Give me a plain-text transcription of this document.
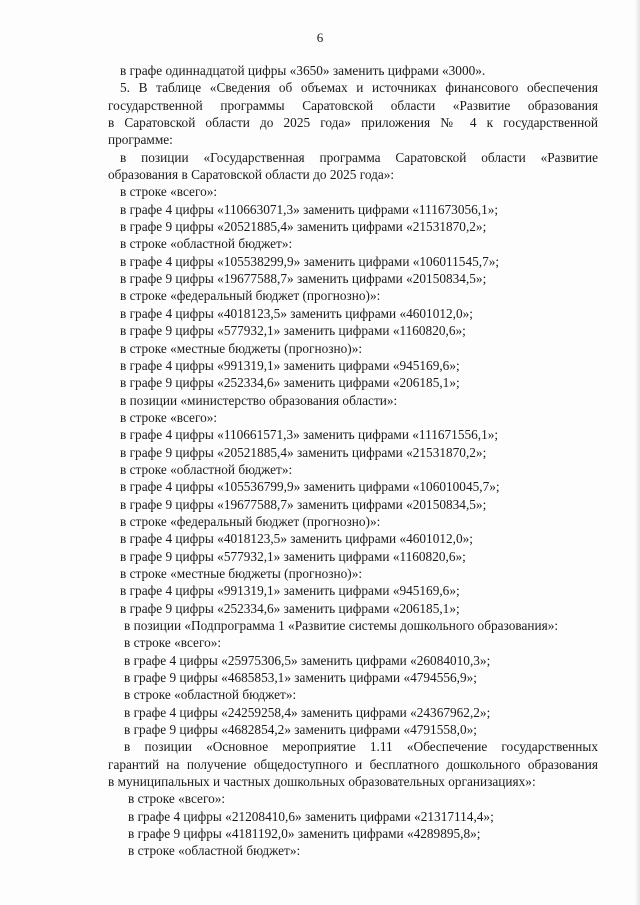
6
в графе одиннадцатой цифры «3650» заменить цифрами «3000».
5. В таблице «Сведения об объемах и источниках финансового обеспечения
государственной программы Саратовской области «Развитие образования
в Саратовской области до 2025 года» приложения № 4 к государственной
программе:
в позиции «Государственная программа Саратовской области «Развитие
образования в Саратовской области до 2025 года»:
в строке «всего»:
в графе 4 цифры «110663071,3» заменить цифрами «111673056,1»;
в графе 9 цифры «20521885,4» заменить цифрами «21531870,2»;
в строке «областной бюджет»:
в графе 4 цифры «105538299,9» заменить цифрами «106011545,7»;
в графе 9 цифры «19677588,7» заменить цифрами «20150834,5»;
в строке «федеральный бюджет (прогнозно)»:
в графе 4 цифры «4018123,5» заменить цифрами «4601012,0»;
в графе 9 цифры «577932,1» заменить цифрами «1160820,6»;
в строке «местные бюджеты (прогнозно)»:
в графе 4 цифры «991319,1» заменить цифрами «945169,6»;
в графе 9 цифры «252334,6» заменить цифрами «206185,1»;
в позиции «министерство образования области»:
в строке «всего»:
в графе 4 цифры «110661571,3» заменить цифрами «111671556,1»;
в графе 9 цифры «20521885,4» заменить цифрами «21531870,2»;
в строке «областной бюджет»:
в графе 4 цифры «105536799,9» заменить цифрами «106010045,7»;
в графе 9 цифры «19677588,7» заменить цифрами «20150834,5»;
в строке «федеральный бюджет (прогнозно)»:
в графе 4 цифры «4018123,5» заменить цифрами «4601012,0»;
в графе 9 цифры «577932,1» заменить цифрами «1160820,6»;
в строке «местные бюджеты (прогнозно)»:
в графе 4 цифры «991319,1» заменить цифрами «945169,6»;
в графе 9 цифры «252334,6» заменить цифрами «206185,1»;
в позиции «Подпрограмма 1 «Развитие системы дошкольного образования»:
в строке «всего»:
в графе 4 цифры «25975306,5» заменить цифрами «26084010,3»;
в графе 9 цифры «4685853,1» заменить цифрами «4794556,9»;
в строке «областной бюджет»:
в графе 4 цифры «24259258,4» заменить цифрами «24367962,2»;
в графе 9 цифры «4682854,2» заменить цифрами «4791558,0»;
в позиции «Основное мероприятие 1.11 «Обеспечение государственных
гарантий на получение общедоступного и бесплатного дошкольного образования
в муниципальных и частных дошкольных образовательных организациях»:
в строке «всего»:
в графе 4 цифры «21208410,6» заменить цифрами «21317114,4»;
в графе 9 цифры «4181192,0» заменить цифрами «4289895,8»;
в строке «областной бюджет»:
